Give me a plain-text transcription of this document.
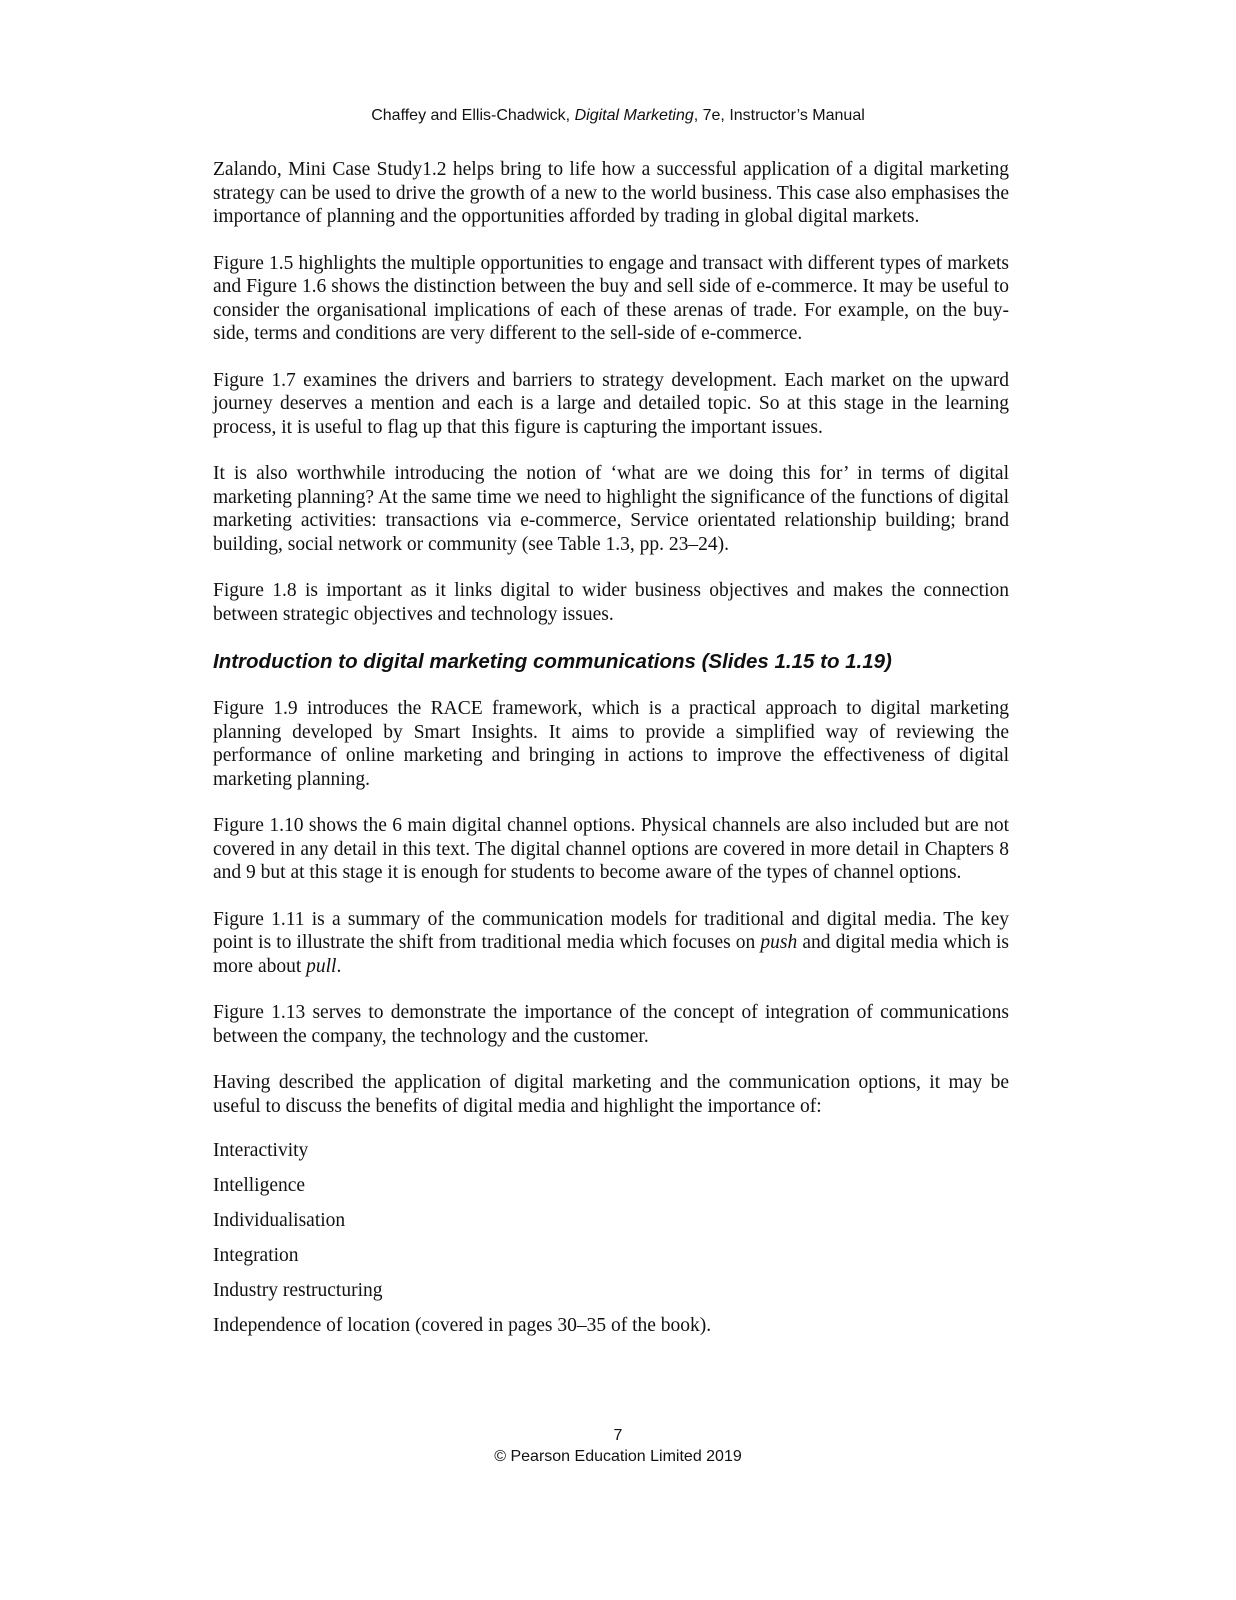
Chaffey and Ellis-Chadwick, Digital Marketing, 7e, Instructor’s Manual

Zalando, Mini Case Study1.2 helps bring to life how a successful application of a digital marketing strategy can be used to drive the growth of a new to the world business. This case also emphasises the importance of planning and the opportunities afforded by trading in global digital markets.

Figure 1.5 highlights the multiple opportunities to engage and transact with different types of markets and Figure 1.6 shows the distinction between the buy and sell side of e-commerce. It may be useful to consider the organisational implications of each of these arenas of trade. For example, on the buy-side, terms and conditions are very different to the sell-side of e-commerce.

Figure 1.7 examines the drivers and barriers to strategy development. Each market on the upward journey deserves a mention and each is a large and detailed topic. So at this stage in the learning process, it is useful to flag up that this figure is capturing the important issues.

It is also worthwhile introducing the notion of ‘what are we doing this for’ in terms of digital marketing planning? At the same time we need to highlight the significance of the functions of digital marketing activities: transactions via e-commerce, Service orientated relationship building; brand building, social network or community (see Table 1.3, pp. 23–24).

Figure 1.8 is important as it links digital to wider business objectives and makes the connection between strategic objectives and technology issues.

Introduction to digital marketing communications (Slides 1.15 to 1.19)

Figure 1.9 introduces the RACE framework, which is a practical approach to digital marketing planning developed by Smart Insights. It aims to provide a simplified way of reviewing the performance of online marketing and bringing in actions to improve the effectiveness of digital marketing planning.

Figure 1.10 shows the 6 main digital channel options. Physical channels are also included but are not covered in any detail in this text. The digital channel options are covered in more detail in Chapters 8 and 9 but at this stage it is enough for students to become aware of the types of channel options.

Figure 1.11 is a summary of the communication models for traditional and digital media. The key point is to illustrate the shift from traditional media which focuses on push and digital media which is more about pull.

Figure 1.13 serves to demonstrate the importance of the concept of integration of communications between the company, the technology and the customer.

Having described the application of digital marketing and the communication options, it may be useful to discuss the benefits of digital media and highlight the importance of:

Interactivity
Intelligence
Individualisation
Integration
Industry restructuring
Independence of location (covered in pages 30–35 of the book).
7
© Pearson Education Limited 2019
